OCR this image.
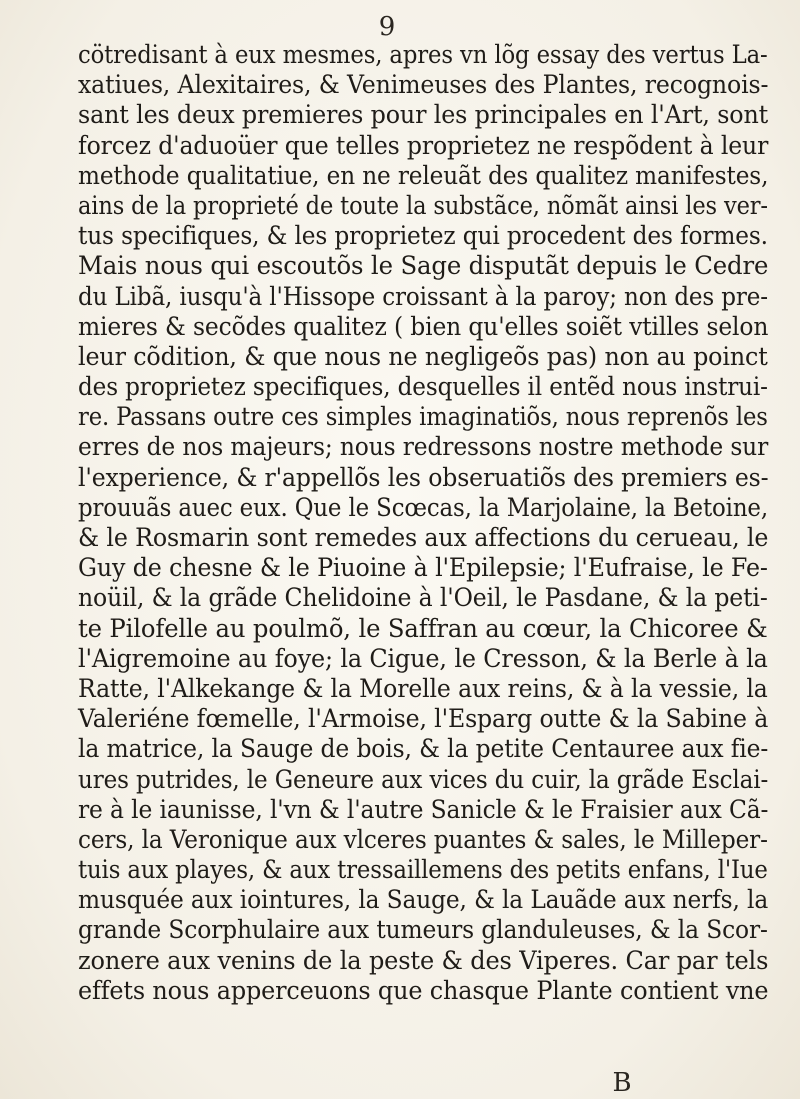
9
cötredisant à eux mesmes, apres vn lõg essay des vertus La-
xatiues, Alexitaires, & Venimeuses des Plantes, recognois-
sant les deux premieres pour les principales en l'Art, sont
forcez d'aduoüer que telles proprietez ne respõdent à leur
methode qualitatiue, en ne releuãt des qualitez manifestes,
ains de la proprieté de toute la substãce, nõmãt ainsi les ver-
tus specifiques, & les proprietez qui procedent des formes.
Mais nous qui escoutõs le Sage disputãt depuis le Cedre
du Libã, iusqu'à l'Hissope croissant à la paroy; non des pre-
mieres & secõdes qualitez ( bien qu'elles soiẽt vtilles selon
leur cõdition, & que nous ne negligeõs pas) non au poinct
des proprietez specifiques, desquelles il entẽd nous instrui-
re. Passans outre ces simples imaginatiõs, nous reprenõs les
erres de nos majeurs; nous redressons nostre methode sur
l'experience, & r'appellõs les obseruatiõs des premiers es-
prouuãs auec eux. Que le Scœcas, la Marjolaine, la Betoine,
& le Rosmarin sont remedes aux affections du cerueau, le
Guy de chesne & le Piuoine à l'Epilepsie; l'Eufraise, le Fe-
noüil, & la grãde Chelidoine à l'Oeil, le Pasdane, & la peti-
te Pilofelle au poulmõ, le Saffran au cœur, la Chicoree &
l'Aigremoine au foye; la Cigue, le Cresson, & la Berle à la
Ratte, l'Alkekange & la Morelle aux reins, & à la vessie, la
Valeriéne fœmelle, l'Armoise, l'Esparg outte & la Sabine à
la matrice, la Sauge de bois, & la petite Centauree aux fie-
ures putrides, le Geneure aux vices du cuir, la grãde Esclai-
re à le iaunisse, l'vn & l'autre Sanicle & le Fraisier aux Cã-
cers, la Veronique aux vlceres puantes & sales, le Milleper-
tuis aux playes, & aux tressaillemens des petits enfans, l'Iue
musquée aux iointures, la Sauge, & la Lauãde aux nerfs, la
grande Scorphulaire aux tumeurs glanduleuses, & la Scor-
zonere aux venins de la peste & des Viperes. Car par tels
effets nous apperceuons que chasque Plante contient vne
B
